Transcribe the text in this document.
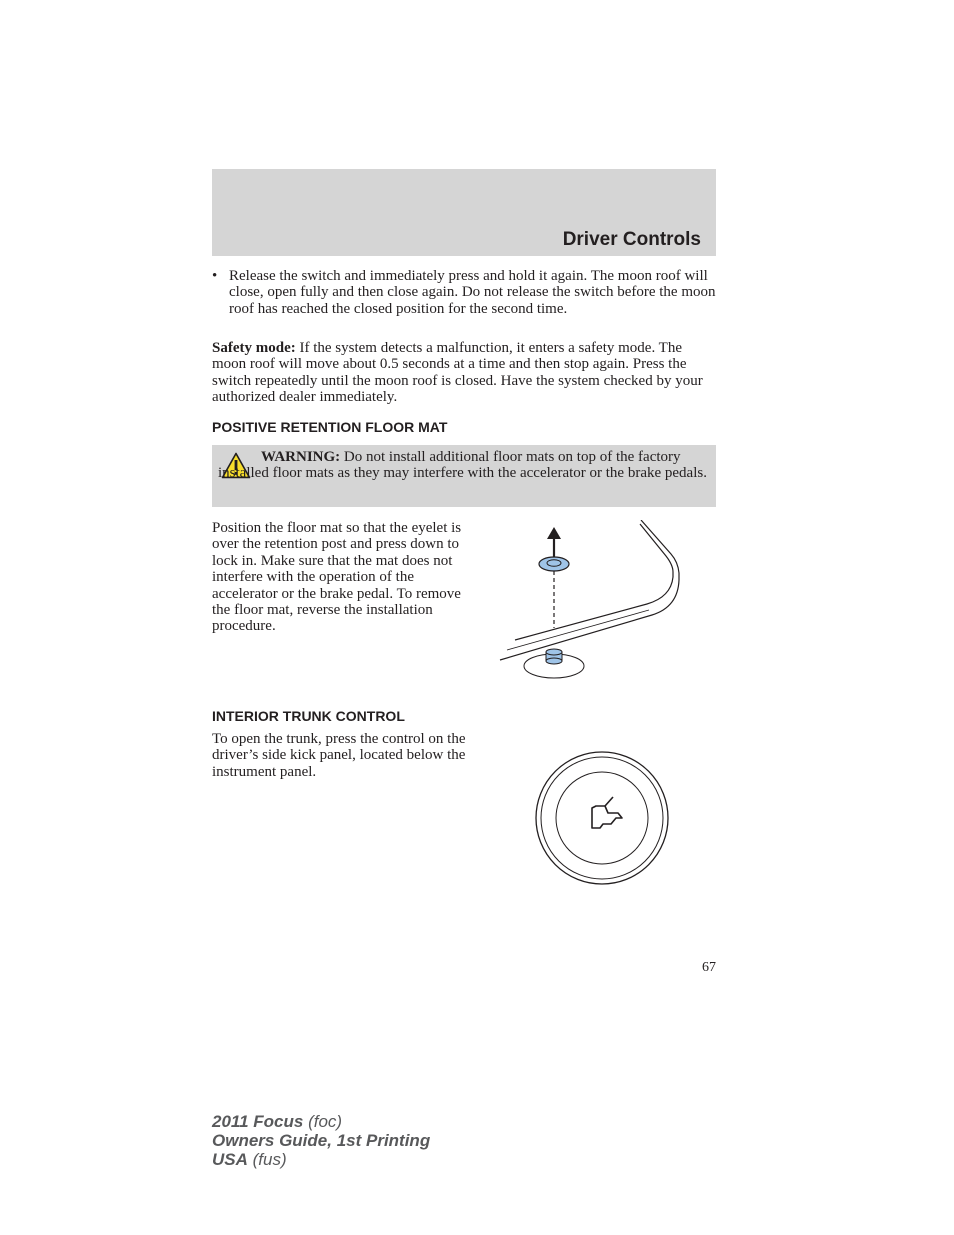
Driver Controls
• Release the switch and immediately press and hold it again. The moon roof will close, open fully and then close again. Do not release the switch before the moon roof has reached the closed position for the second time.
Safety mode: If the system detects a malfunction, it enters a safety mode. The moon roof will move about 0.5 seconds at a time and then stop again. Press the switch repeatedly until the moon roof is closed. Have the system checked by your authorized dealer immediately.
POSITIVE RETENTION FLOOR MAT
WARNING: Do not install additional floor mats on top of the factory installed floor mats as they may interfere with the accelerator or the brake pedals.
Position the floor mat so that the eyelet is over the retention post and press down to lock in. Make sure that the mat does not interfere with the operation of the accelerator or the brake pedal. To remove the floor mat, reverse the installation procedure.
INTERIOR TRUNK CONTROL
To open the trunk, press the control on the driver’s side kick panel, located below the instrument panel.
67
2011 Focus (foc)
Owners Guide, 1st Printing
USA (fus)
